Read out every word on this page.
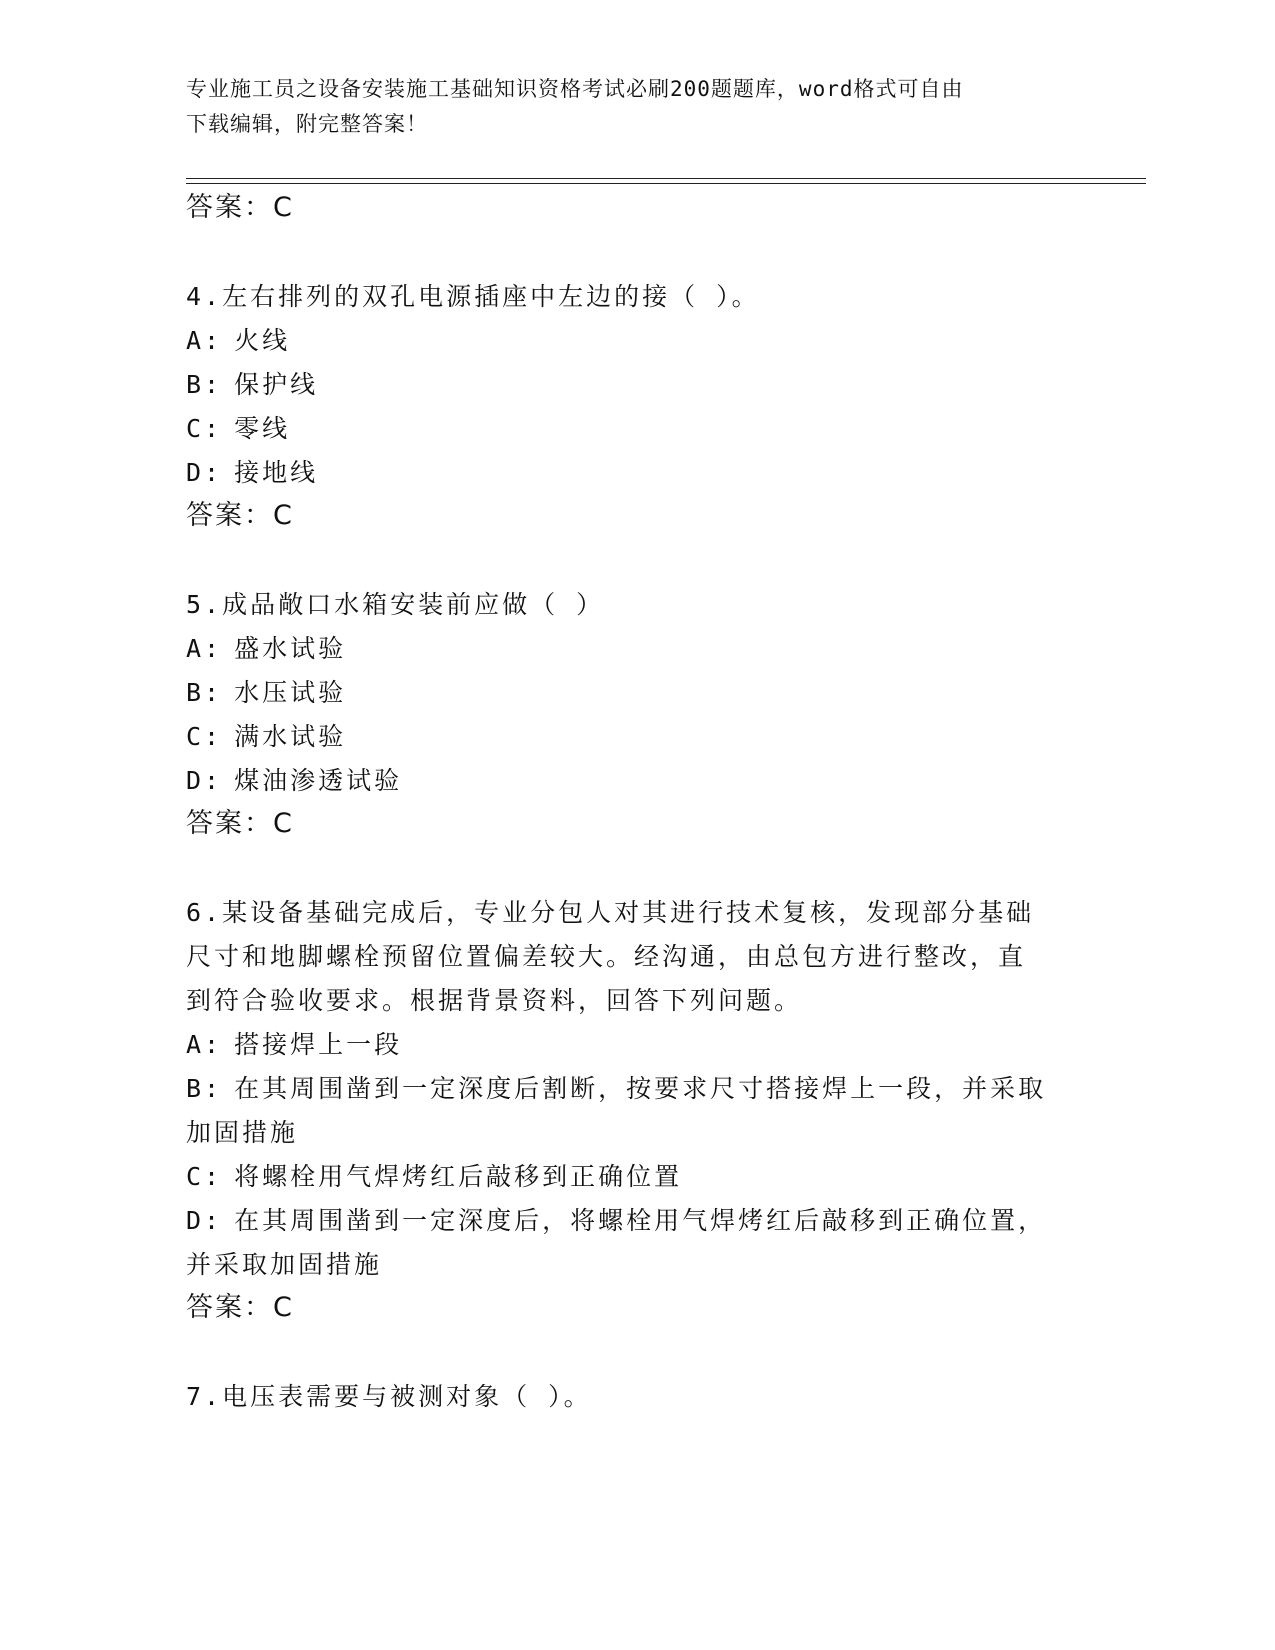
专业施工员之设备安装施工基础知识资格考试必刷200题题库，word格式可自由
下载编辑，附完整答案！
答案：C
4.左右排列的双孔电源插座中左边的接（ ）。
A: 火线
B: 保护线
C: 零线
D: 接地线
答案：C
5.成品敞口水箱安装前应做（ ）
A: 盛水试验
B: 水压试验
C: 满水试验
D: 煤油渗透试验
答案：C
6.某设备基础完成后，专业分包人对其进行技术复核，发现部分基础
尺寸和地脚螺栓预留位置偏差较大。经沟通，由总包方进行整改，直
到符合验收要求。根据背景资料，回答下列问题。
A: 搭接焊上一段
B: 在其周围凿到一定深度后割断，按要求尺寸搭接焊上一段，并采取
加固措施
C: 将螺栓用气焊烤红后敲移到正确位置
D: 在其周围凿到一定深度后，将螺栓用气焊烤红后敲移到正确位置，
并采取加固措施
答案：C
7.电压表需要与被测对象（ ）。
